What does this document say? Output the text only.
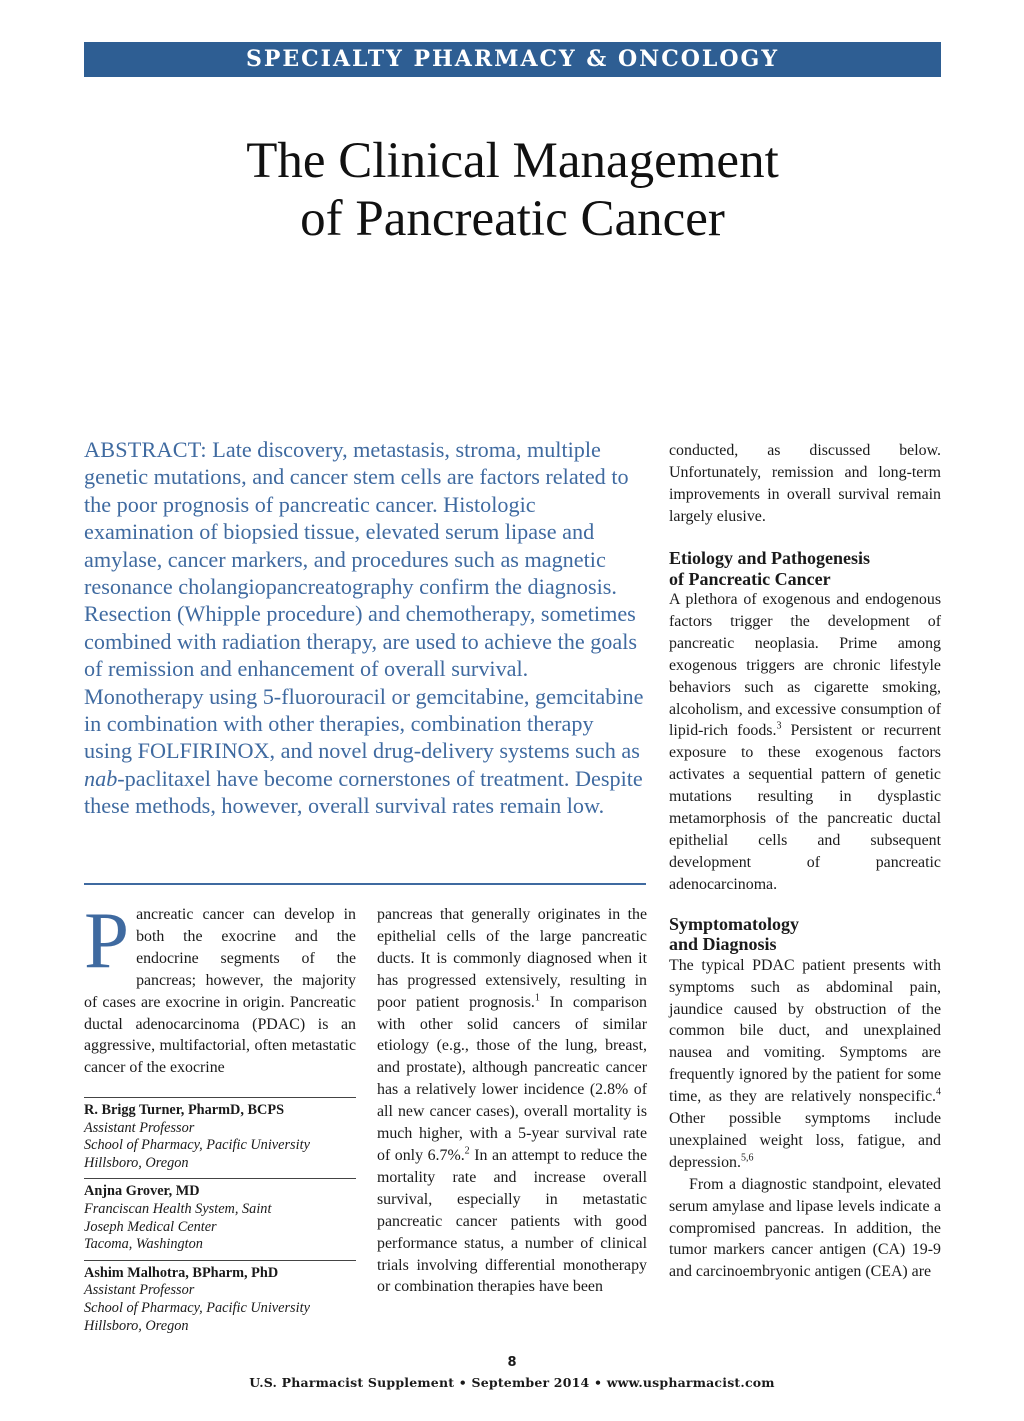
SPECIALTY PHARMACY & ONCOLOGY
The Clinical Management
of Pancreatic Cancer

ABSTRACT: Late discovery, metastasis, stroma, multiple genetic mutations, and cancer stem cells are factors related to the poor prognosis of pancreatic cancer. Histologic examination of biopsied tissue, elevated serum lipase and amylase, cancer markers, and procedures such as magnetic resonance cholangiopancreatography confirm the diagnosis. Resection (Whipple procedure) and chemotherapy, sometimes combined with radiation therapy, are used to achieve the goals of remission and enhancement of overall survival. Monotherapy using 5-fluorouracil or gemcitabine, gemcitabine in combination with other therapies, combination therapy using FOLFIRINOX, and novel drug-delivery systems such as nab-paclitaxel have become cornerstones of treatment. Despite these methods, however, overall survival rates remain low.

Pancreatic cancer can develop in both the exocrine and the endocrine segments of the pancreas; however, the majority of cases are exocrine in origin. Pancreatic ductal adenocarcinoma (PDAC) is an aggressive, multifactorial, often metastatic cancer of the exocrine

R. Brigg Turner, PharmD, BCPS
Assistant Professor
School of Pharmacy, Pacific University
Hillsboro, Oregon
Anjna Grover, MD
Franciscan Health System, Saint
Joseph Medical Center
Tacoma, Washington
Ashim Malhotra, BPharm, PhD
Assistant Professor
School of Pharmacy, Pacific University
Hillsboro, Oregon

pancreas that generally originates in the epithelial cells of the large pancreatic ducts. It is commonly diagnosed when it has progressed extensively, resulting in poor patient prognosis.$^1$ In comparison with other solid cancers of similar etiology (e.g., those of the lung, breast, and prostate), although pancreatic cancer has a relatively lower incidence (2.8% of all new cancer cases), overall mortality is much higher, with a 5-year survival rate of only 6.7%.$^2$ In an attempt to reduce the mortality rate and increase overall survival, especially in metastatic pancreatic cancer patients with good performance status, a number of clinical trials involving differential monotherapy or combination therapies have been

conducted, as discussed below. Unfortunately, remission and long-term improvements in overall survival remain largely elusive.

Etiology and Pathogenesis
of Pancreatic Cancer

A plethora of exogenous and endogenous factors trigger the development of pancreatic neoplasia. Prime among exogenous triggers are chronic lifestyle behaviors such as cigarette smoking, alcoholism, and excessive consumption of lipid-rich foods.$^3$ Persistent or recurrent exposure to these exogenous factors activates a sequential pattern of genetic mutations resulting in dysplastic metamorphosis of the pancreatic ductal epithelial cells and subsequent development of pancreatic adenocarcinoma.

Symptomatology
and Diagnosis

The typical PDAC patient presents with symptoms such as abdominal pain, jaundice caused by obstruction of the common bile duct, and unexplained nausea and vomiting. Symptoms are frequently ignored by the patient for some time, as they are relatively nonspecific.$^4$ Other possible symptoms include unexplained weight loss, fatigue, and depression.$^{5,6}$

From a diagnostic standpoint, elevated serum amylase and lipase levels indicate a compromised pancreas. In addition, the tumor markers cancer antigen (CA) 19-9 and carcinoembryonic antigen (CEA) are

8
U.S. Pharmacist Supplement • September 2014 • www.uspharmacist.com
